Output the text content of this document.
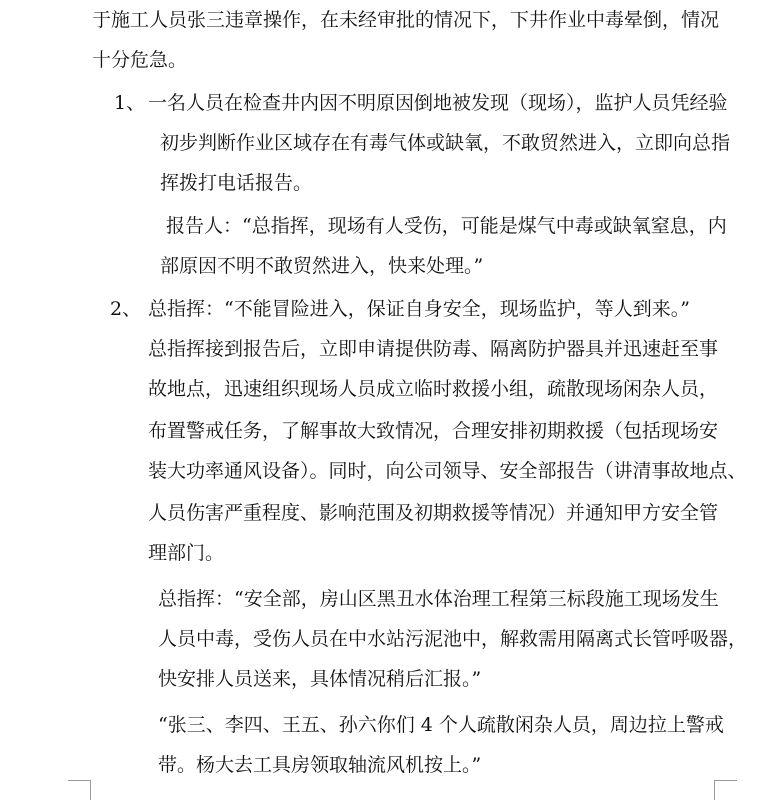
于施工人员张三违章操作，在未经审批的情况下，下井作业中毒晕倒，情况
十分危急。
1、 一名人员在检查井内因不明原因倒地被发现（现场），监护人员凭经验
初步判断作业区域存在有毒气体或缺氧，不敢贸然进入，立即向总指
挥拨打电话报告。
报告人：“总指挥，现场有人受伤，可能是煤气中毒或缺氧窒息，内
部原因不明不敢贸然进入，快来处理。”
2、 总指挥：“不能冒险进入，保证自身安全，现场监护，等人到来。”
总指挥接到报告后，立即申请提供防毒、隔离防护器具并迅速赶至事
故地点，迅速组织现场人员成立临时救援小组，疏散现场闲杂人员，
布置警戒任务，了解事故大致情况，合理安排初期救援（包括现场安
装大功率通风设备）。同时，向公司领导、安全部报告（讲清事故地点、
人员伤害严重程度、影响范围及初期救援等情况）并通知甲方安全管
理部门。
总指挥：“安全部，房山区黑丑水体治理工程第三标段施工现场发生
人员中毒，受伤人员在中水站污泥池中，解救需用隔离式长管呼吸器，
快安排人员送来，具体情况稍后汇报。”
“张三、李四、王五、孙六你们 4 个人疏散闲杂人员，周边拉上警戒
带。杨大去工具房领取轴流风机按上。”
